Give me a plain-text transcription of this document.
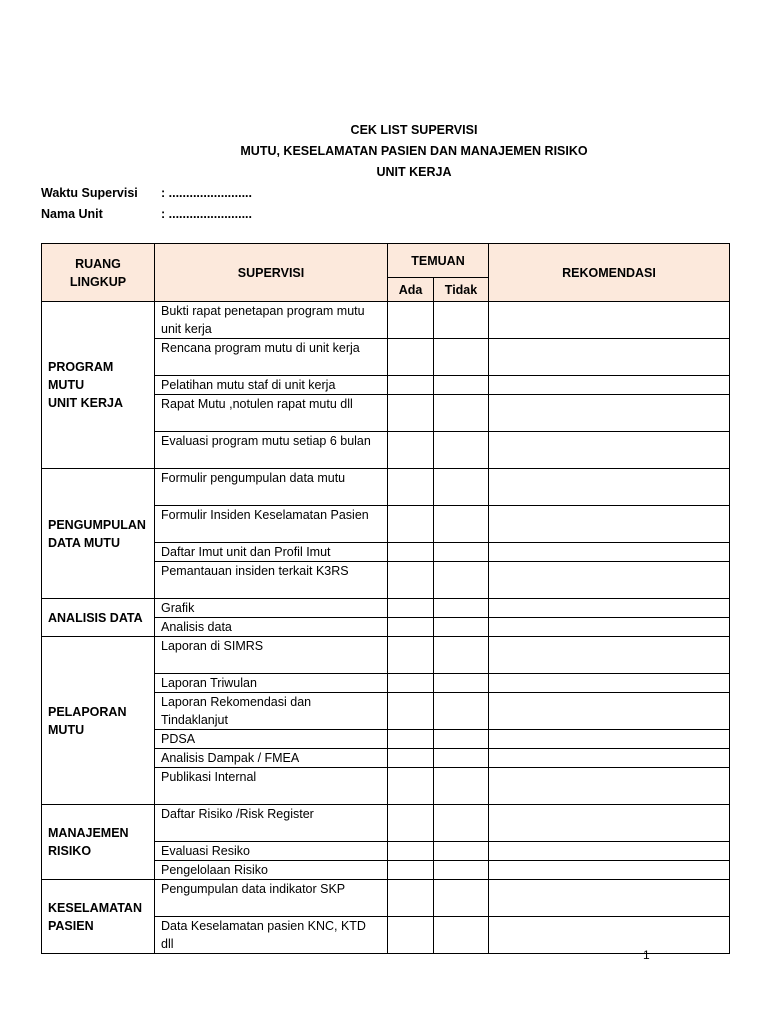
CEK LIST SUPERVISI
MUTU, KESELAMATAN PASIEN DAN MANAJEMEN RISIKO
UNIT KERJA
Waktu Supervisi : ........................
Nama Unit	: ........................
RUANG
LINGKUP	SUPERVISI	TEMUAN		REKOMENDASI
		Ada	Tidak	
PROGRAM
MUTU
UNIT KERJA	Bukti rapat penetapan program mutu unit kerja			
	Rencana program mutu di unit kerja			
	Pelatihan mutu staf di unit kerja			
	Rapat Mutu ,notulen rapat mutu dll			
	Evaluasi program mutu setiap 6 bulan			
PENGUMPULAN
DATA MUTU	Formulir pengumpulan data mutu			
	Formulir Insiden Keselamatan Pasien			
	Daftar Imut unit dan Profil Imut			
	Pemantauan insiden terkait K3RS			
ANALISIS DATA	Grafik			
	Analisis data			
PELAPORAN
MUTU	Laporan di SIMRS			
	Laporan Triwulan			
	Laporan Rekomendasi dan Tindaklanjut			
	PDSA			
	Analisis Dampak / FMEA			
	Publikasi Internal			
MANAJEMEN
RISIKO	Daftar Risiko /Risk Register			
	Evaluasi Resiko			
	Pengelolaan Risiko			
KESELAMATAN
PASIEN	Pengumpulan data indikator SKP			
	Data Keselamatan pasien KNC, KTD dll			
1
